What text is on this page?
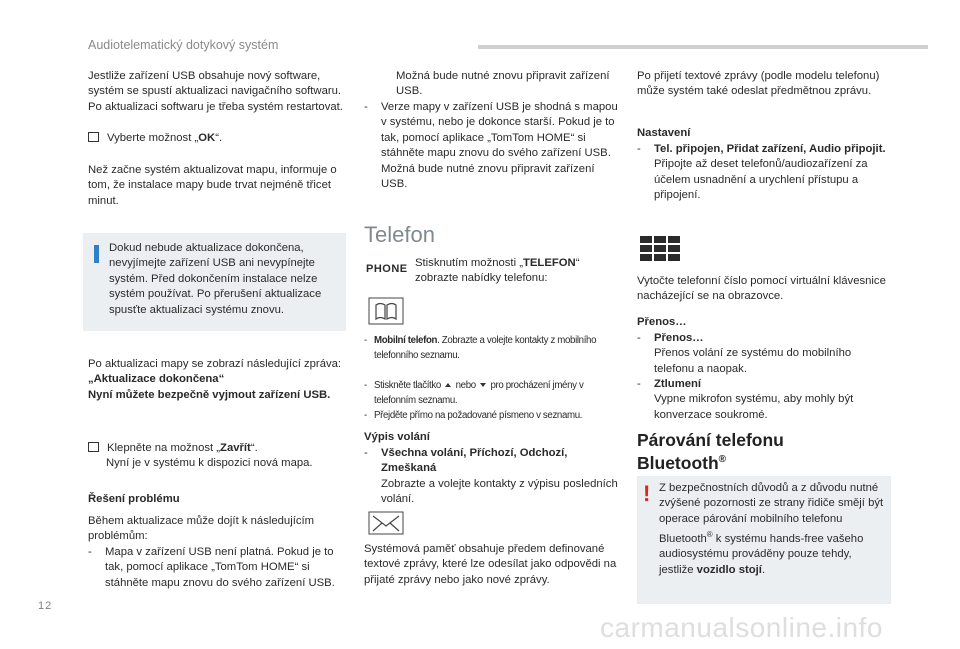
Audiotelematický dotykový systém
Jestliže zařízení USB obsahuje nový software, systém se spustí aktualizaci navigačního softwaru. Po aktualizaci softwaru je třeba systém restartovat.
Vyberte možnost „OK“.
Než začne systém aktualizovat mapu, informuje o tom, že instalace mapy bude trvat nejméně třicet minut.
Dokud nebude aktualizace dokončena, nevyjímejte zařízení USB ani nevypínejte systém. Před dokončením instalace nelze systém používat. Po přerušení aktualizace spusťte aktualizaci systému znovu.
Po aktualizaci mapy se zobrazí následující zpráva:
„Aktualizace dokončena“
Nyní můžete bezpečně vyjmout zařízení USB.
Klepněte na možnost „Zavřít“.
Nyní je v systému k dispozici nová mapa.
Řešení problému
Během aktualizace může dojít k následujícím problémům:
- Mapa v zařízení USB není platná. Pokud je to tak, pomocí aplikace „TomTom HOME“ si stáhněte mapu znovu do svého zařízení USB.
Možná bude nutné znovu připravit zařízení USB.
- Verze mapy v zařízení USB je shodná s mapou v systému, nebo je dokonce starší. Pokud je to tak, pomocí aplikace „TomTom HOME“ si stáhněte mapu znovu do svého zařízení USB.
Možná bude nutné znovu připravit zařízení USB.
Telefon
PHONE Stisknutím možnosti „TELEFON“ zobrazte nabídky telefonu:
- Mobilní telefon. Zobrazte a volejte kontakty z mobilního telefonního seznamu.
- Stiskněte tlačítko nebo pro procházení jmény v telefonním seznamu.
- Přejděte přímo na požadované písmeno v seznamu.
Výpis volání
- Všechna volání, Příchozí, Odchozí, Zmeškaná
Zobrazte a volejte kontakty z výpisu posledních volání.
Systémová paměť obsahuje předem definované textové zprávy, které lze odesílat jako odpovědi na přijaté zprávy nebo jako nové zprávy.
Po přijetí textové zprávy (podle modelu telefonu) může systém také odeslat předmětnou zprávu.
Nastavení
- Tel. připojen, Přidat zařízení, Audio připojit.
Připojte až deset telefonů/audiozařízení za účelem usnadnění a urychlení přístupu a připojení.
Vytočte telefonní číslo pomocí virtuální klávesnice nacházející se na obrazovce.
Přenos…
- Přenos…
Přenos volání ze systému do mobilního telefonu a naopak.
- Ztlumení
Vypne mikrofon systému, aby mohly být konverzace soukromé.
Párování telefonu
Bluetooth®
! Z bezpečnostních důvodů a z důvodu nutné zvýšené pozornosti ze strany řidiče smějí být operace párování mobilního telefonu Bluetooth® k systému hands-free vašeho audiosystému prováděny pouze tehdy, jestliže vozidlo stojí.
12
carmanualsonline.info
